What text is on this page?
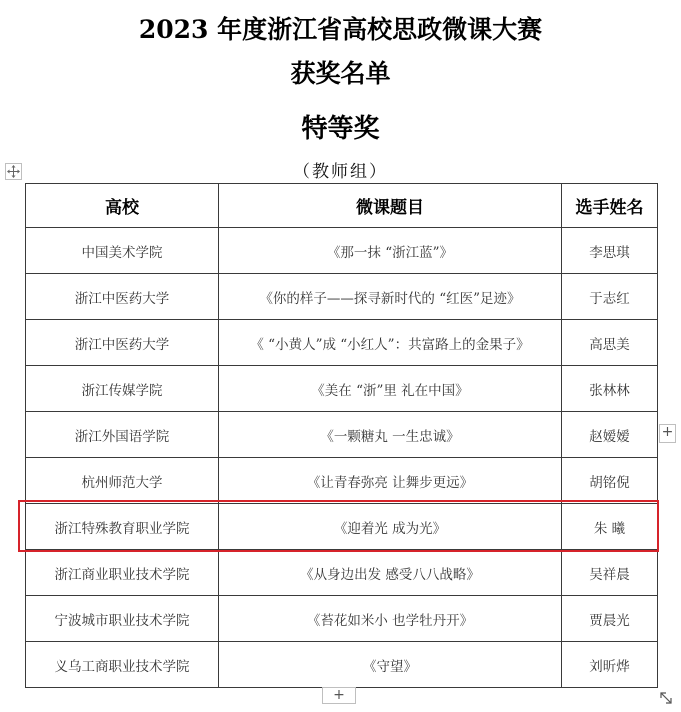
2023 年度浙江省高校思政微课大赛
获奖名单
特等奖
（教师组）
高校	微课题目	选手姓名
中国美术学院	《那一抹 “浙江蓝”》	李思琪
浙江中医药大学	《你的样子——探寻新时代的 “红医”足迹》	于志红
浙江中医药大学	《 “小黄人”成 “小红人”：共富路上的金果子》	高思美
浙江传媒学院	《美在 “浙”里 礼在中国》	张林林
浙江外国语学院	《一颗糖丸 一生忠诚》	赵嫒嫒
杭州师范大学	《让青春弥亮 让舞步更远》	胡铭倪
浙江特殊教育职业学院	《迎着光 成为光》	朱 曦
浙江商业职业技术学院	《从身边出发 感受八八战略》	吴祥晨
宁波城市职业技术学院	《苔花如米小 也学牡丹开》	贾晨光
义乌工商职业技术学院	《守望》	刘昕烨
+
+
